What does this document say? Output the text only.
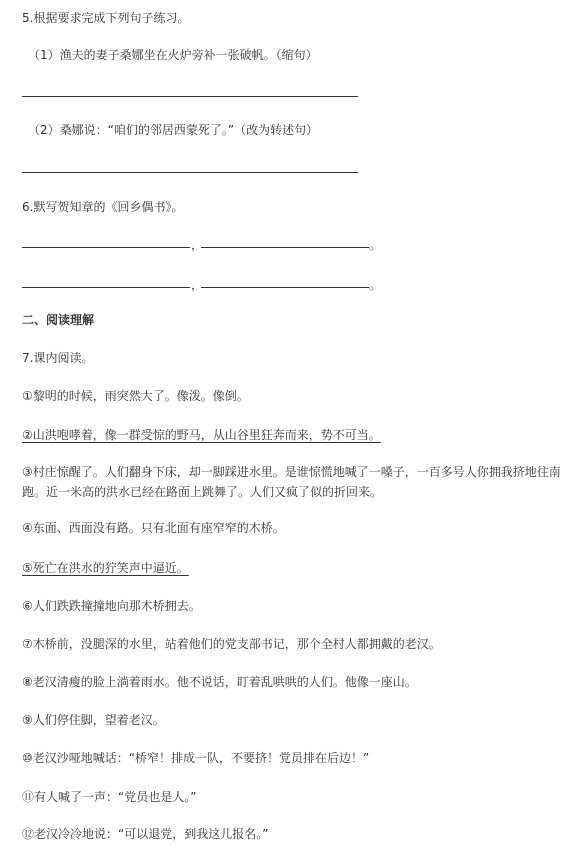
5.根据要求完成下列句子练习。
（1）渔夫的妻子桑娜坐在火炉旁补一张破帆。（缩句）
（2）桑娜说：“咱们的邻居西蒙死了。”（改为转述句）
6.默写贺知章的《回乡偶书》。
，	。
，	。
二、阅读理解
7.课内阅读。
①黎明的时候，雨突然大了。像泼。像倒。
②山洪咆哮着，像一群受惊的野马，从山谷里狂奔而来，势不可当。
③村庄惊醒了。人们翻身下床，却一脚踩进水里。是谁惊慌地喊了一嗓子，一百多号人你拥我挤地往南跑。近一米高的洪水已经在路面上跳舞了。人们又疯了似的折回来。
④东面、西面没有路。只有北面有座窄窄的木桥。
⑤死亡在洪水的狞笑声中逼近。
⑥人们跌跌撞撞地向那木桥拥去。
⑦木桥前，没腿深的水里，站着他们的党支部书记，那个全村人都拥戴的老汉。
⑧老汉清瘦的脸上淌着雨水。他不说话，盯着乱哄哄的人们。他像一座山。
⑨人们停住脚，望着老汉。
⑩老汉沙哑地喊话：“桥窄！排成一队，不要挤！党员排在后边！”
⑪有人喊了一声：“党员也是人。”
⑫老汉冷冷地说：“可以退党，到我这儿报名。”
